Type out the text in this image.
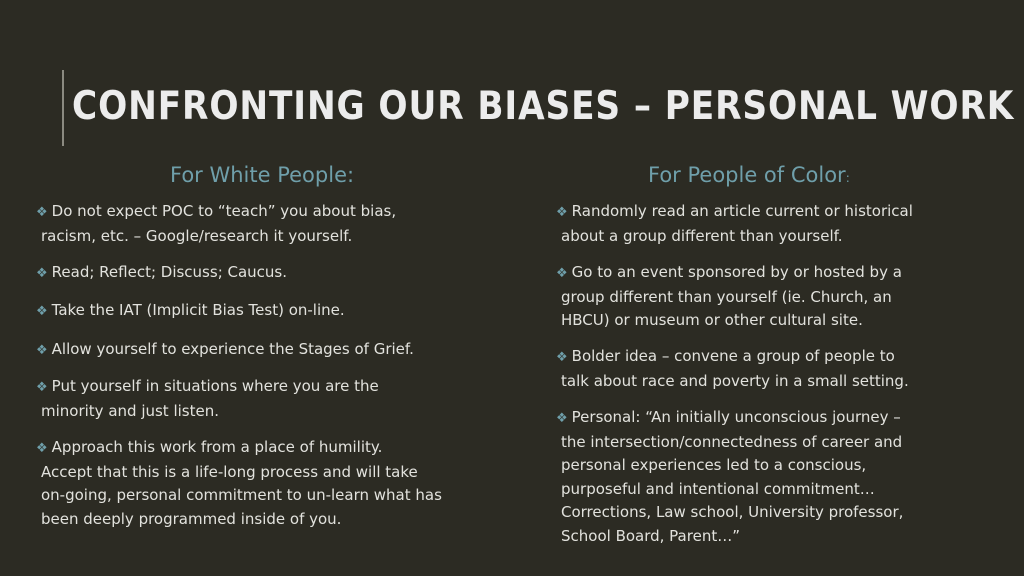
CONFRONTING OUR BIASES – PERSONAL WORK
For White People:	For People of Color:
❖ Do not expect POC to “teach” you about bias,
racism, etc. – Google/research it yourself.
❖ Read; Reflect; Discuss; Caucus.
❖ Take the IAT (Implicit Bias Test) on-line.
❖ Allow yourself to experience the Stages of Grief.
❖ Put yourself in situations where you are the
minority and just listen.
❖ Approach this work from a place of humility.
Accept that this is a life-long process and will take
on-going, personal commitment to un-learn what has
been deeply programmed inside of you.
❖ Randomly read an article current or historical
about a group different than yourself.
❖ Go to an event sponsored by or hosted by a
group different than yourself (ie. Church, an
HBCU) or museum or other cultural site.
❖ Bolder idea – convene a group of people to
talk about race and poverty in a small setting.
❖ Personal: “An initially unconscious journey –
the intersection/connectedness of career and
personal experiences led to a conscious,
purposeful and intentional commitment…
Corrections, Law school, University professor,
School Board, Parent…”
